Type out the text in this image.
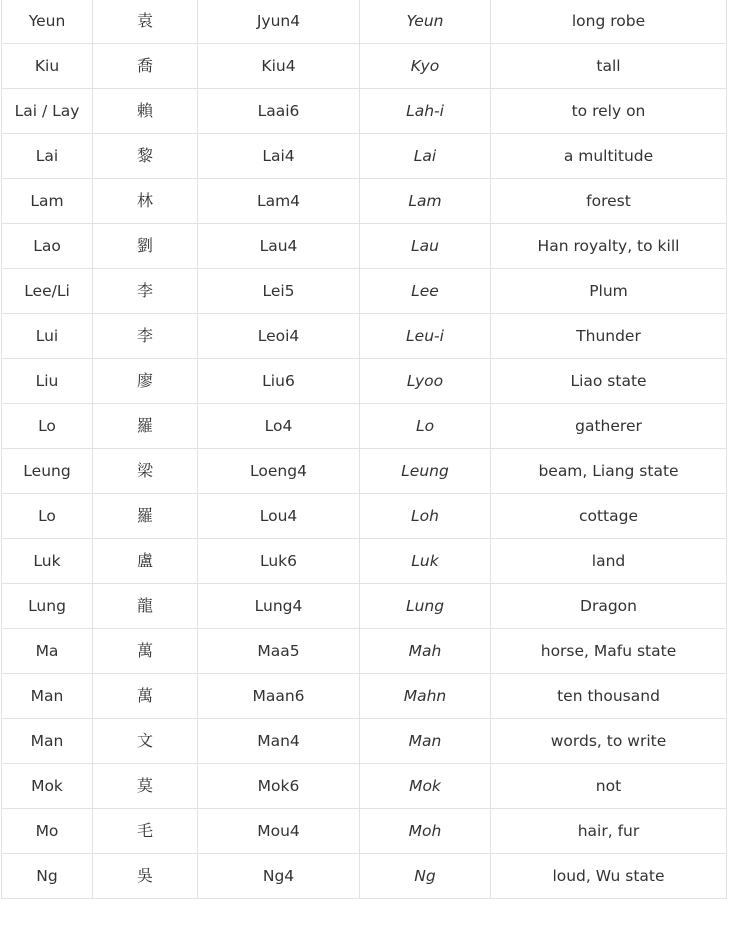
Yeun	袁	Jyun4	Yeun	long robe
Kiu	喬	Kiu4	Kyo	tall
Lai / Lay	賴	Laai6	Lah-i	to rely on
Lai	黎	Lai4	Lai	a multitude
Lam	林	Lam4	Lam	forest
Lao	劉	Lau4	Lau	Han royalty, to kill
Lee/Li	李	Lei5	Lee	Plum
Lui	李	Leoi4	Leu-i	Thunder
Liu	廖	Liu6	Lyoo	Liao state
Lo	羅	Lo4	Lo	gatherer
Leung	梁	Loeng4	Leung	beam, Liang state
Lo	羅	Lou4	Loh	cottage
Luk	盧	Luk6	Luk	land
Lung	龍	Lung4	Lung	Dragon
Ma	萬	Maa5	Mah	horse, Mafu state
Man	萬	Maan6	Mahn	ten thousand
Man	文	Man4	Man	words, to write
Mok	莫	Mok6	Mok	not
Mo	毛	Mou4	Moh	hair, fur
Ng	吳	Ng4	Ng	loud, Wu state
